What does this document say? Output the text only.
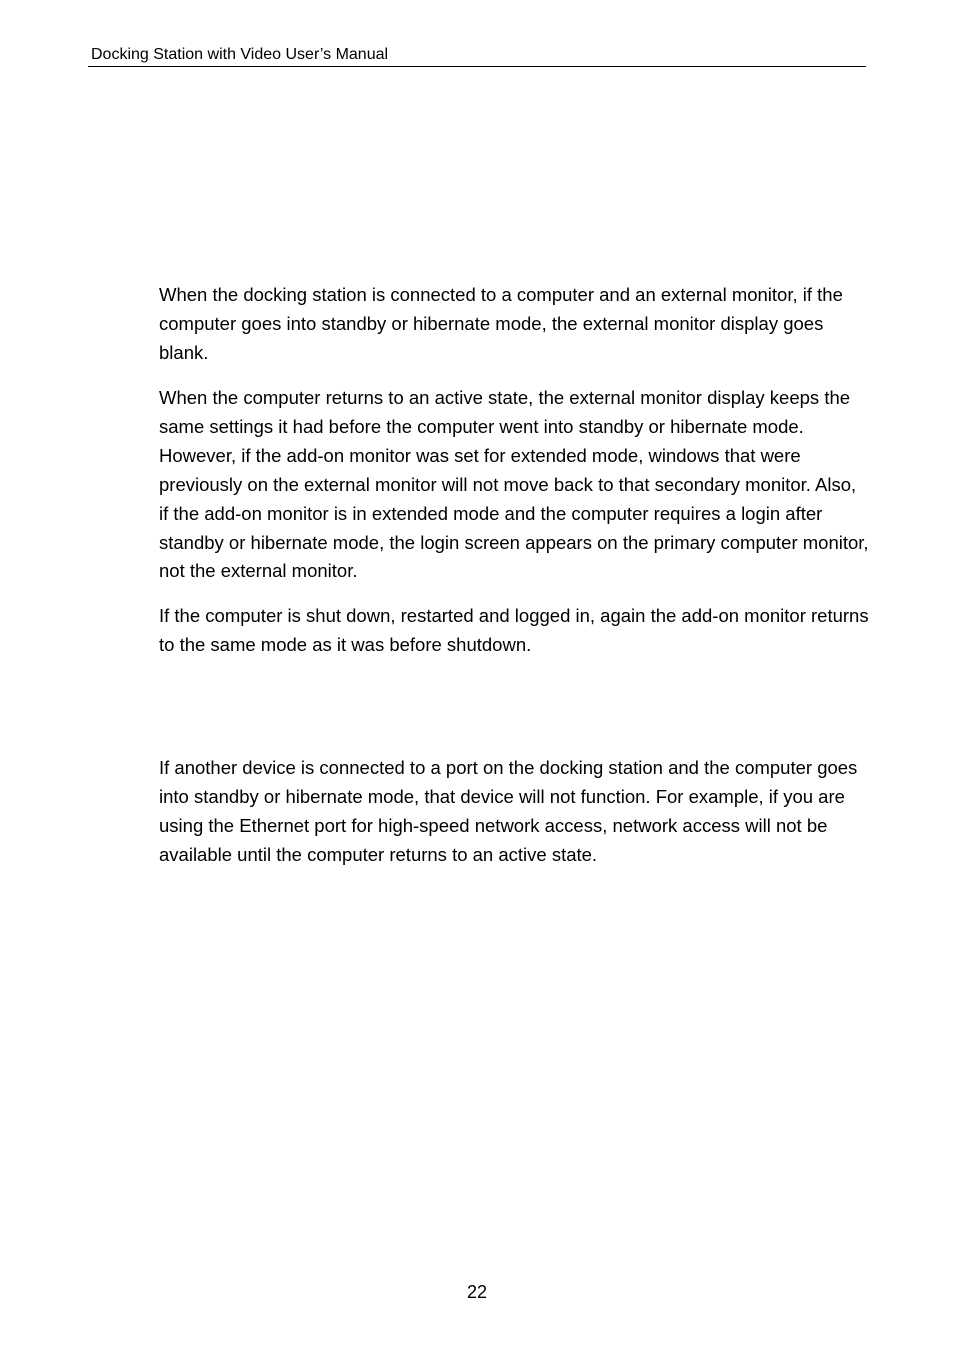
Docking Station with Video User’s Manual

When the docking station is connected to a computer and an external monitor, if the computer goes into standby or hibernate mode, the external monitor display goes blank.

When the computer returns to an active state, the external monitor display keeps the same settings it had before the computer went into standby or hibernate mode. However, if the add-on monitor was set for extended mode, windows that were previously on the external monitor will not move back to that secondary monitor. Also, if the add-on monitor is in extended mode and the computer requires a login after standby or hibernate mode, the login screen appears on the primary computer monitor, not the external monitor.

If the computer is shut down, restarted and logged in, again the add-on monitor returns to the same mode as it was before shutdown.

If another device is connected to a port on the docking station and the computer goes into standby or hibernate mode, that device will not function. For example, if you are using the Ethernet port for high-speed network access, network access will not be available until the computer returns to an active state.

22
